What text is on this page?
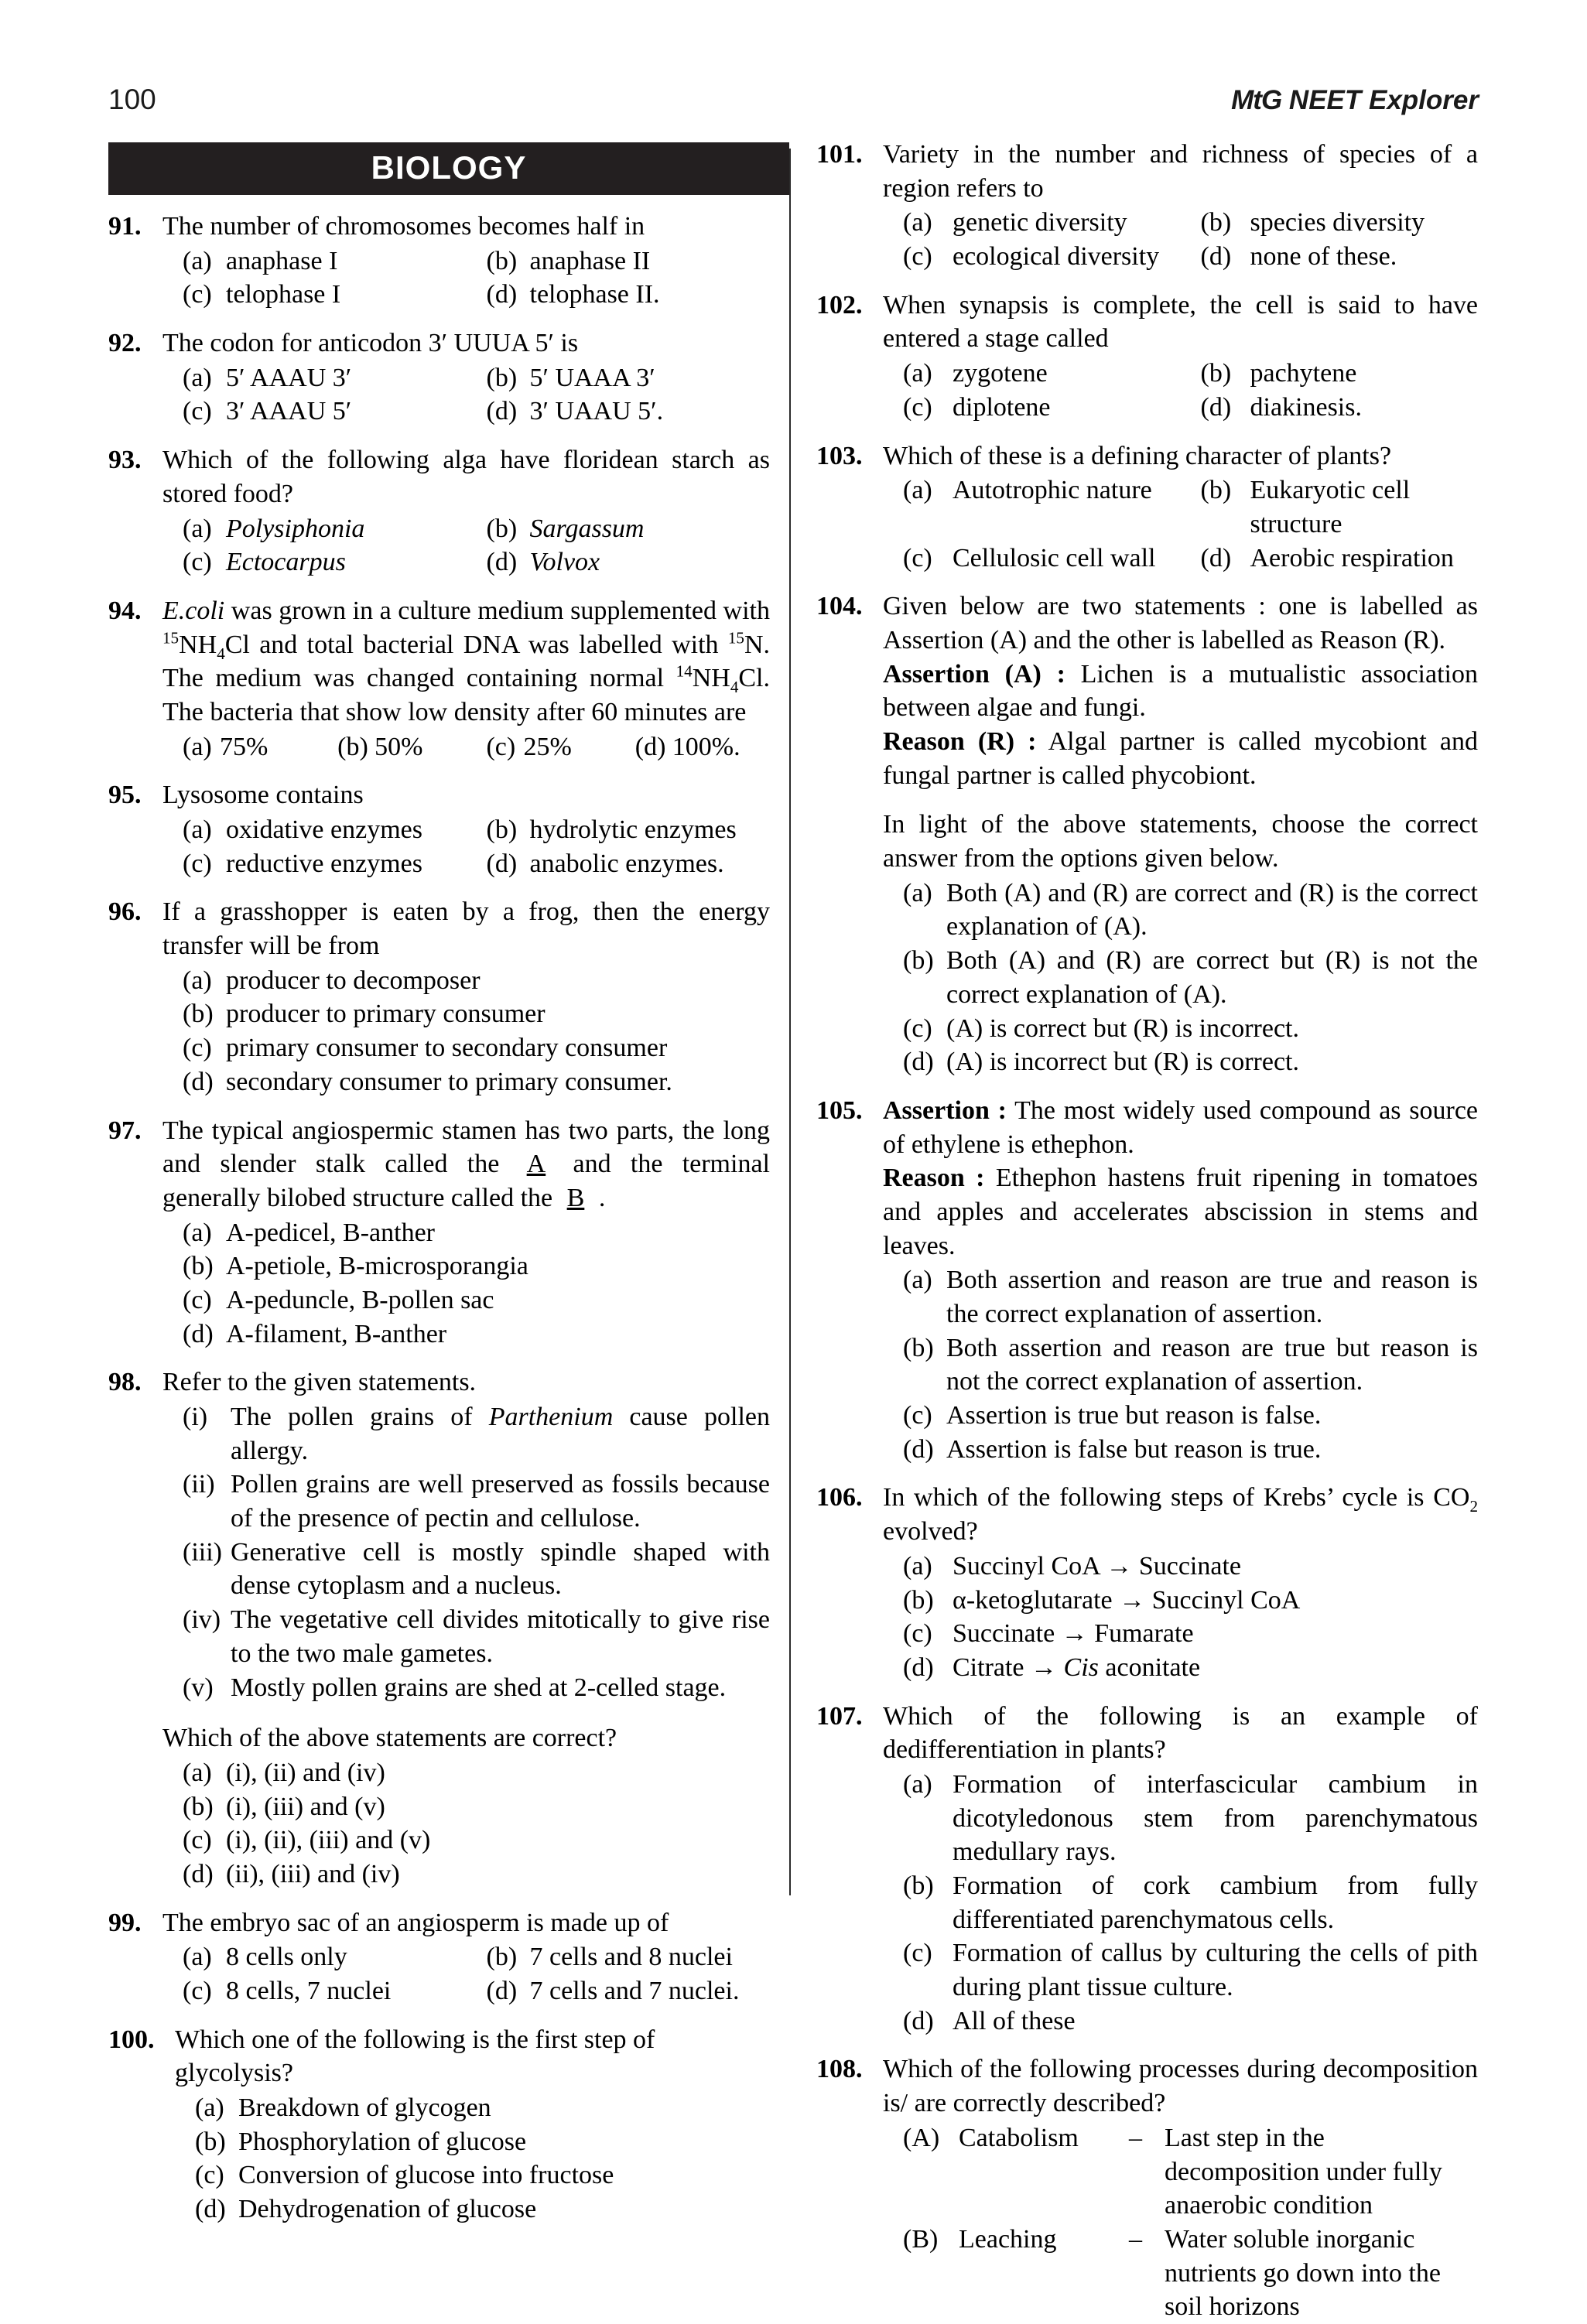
100	MtG NEET Explorer
BIOLOGY
91. The number of chromosomes becomes half in
(a) anaphase I	(b) anaphase II
(c) telophase I	(d) telophase II.
92. The codon for anticodon 3′ UUUA 5′ is
(a) 5′ AAAU 3′	(b) 5′ UAAA 3′
(c) 3′ AAAU 5′	(d) 3′ UAAU 5′.
93. Which of the following alga have floridean starch as stored food?
(a) Polysiphonia	(b) Sargassum
(c) Ectocarpus	(d) Volvox
94. E.coli was grown in a culture medium supplemented with $^{15}NH_4Cl$ and total bacterial DNA was labelled with $^{15}$N. The medium was changed containing normal $^{14}NH_4Cl$. The bacteria that show low density after 60 minutes are
(a) 75%	(b) 50%	(c) 25%	(d) 100%.
95. Lysosome contains
(a) oxidative enzymes	(b) hydrolytic enzymes
(c) reductive enzymes	(d) anabolic enzymes.
96. If a grasshopper is eaten by a frog, then the energy transfer will be from
(a) producer to decomposer
(b) producer to primary consumer
(c) primary consumer to secondary consumer
(d) secondary consumer to primary consumer.
97. The typical angiospermic stamen has two parts, the long and slender stalk called the A and the terminal generally bilobed structure called the B .
(a) A-pedicel, B-anther
(b) A-petiole, B-microsporangia
(c) A-peduncle, B-pollen sac
(d) A-filament, B-anther
98. Refer to the given statements.
(i) The pollen grains of Parthenium cause pollen allergy.
(ii) Pollen grains are well preserved as fossils because of the presence of pectin and cellulose.
(iii) Generative cell is mostly spindle shaped with dense cytoplasm and a nucleus.
(iv) The vegetative cell divides mitotically to give rise to the two male gametes.
(v) Mostly pollen grains are shed at 2-celled stage.
Which of the above statements are correct?
(a) (i), (ii) and (iv)
(b) (i), (iii) and (v)
(c) (i), (ii), (iii) and (v)
(d) (ii), (iii) and (iv)
99. The embryo sac of an angiosperm is made up of
(a) 8 cells only	(b) 7 cells and 8 nuclei
(c) 8 cells, 7 nuclei	(d) 7 cells and 7 nuclei.
100. Which one of the following is the first step of glycolysis?
(a) Breakdown of glycogen
(b) Phosphorylation of glucose
(c) Conversion of glucose into fructose
(d) Dehydrogenation of glucose
101. Variety in the number and richness of species of a region refers to
(a) genetic diversity	(b) species diversity
(c) ecological diversity	(d) none of these.
102. When synapsis is complete, the cell is said to have entered a stage called
(a) zygotene	(b) pachytene
(c) diplotene	(d) diakinesis.
103. Which of these is a defining character of plants?
(a) Autotrophic nature	(b) Eukaryotic cell structure
(c) Cellulosic cell wall	(d) Aerobic respiration
104. Given below are two statements : one is labelled as Assertion (A) and the other is labelled as Reason (R).
Assertion (A) : Lichen is a mutualistic association between algae and fungi.
Reason (R) : Algal partner is called mycobiont and fungal partner is called phycobiont.
In light of the above statements, choose the correct answer from the options given below.
(a) Both (A) and (R) are correct and (R) is the correct explanation of (A).
(b) Both (A) and (R) are correct but (R) is not the correct explanation of (A).
(c) (A) is correct but (R) is incorrect.
(d) (A) is incorrect but (R) is correct.
105. Assertion : The most widely used compound as source of ethylene is ethephon.
Reason : Ethephon hastens fruit ripening in tomatoes and apples and accelerates abscission in stems and leaves.
(a) Both assertion and reason are true and reason is the correct explanation of assertion.
(b) Both assertion and reason are true but reason is not the correct explanation of assertion.
(c) Assertion is true but reason is false.
(d) Assertion is false but reason is true.
106. In which of the following steps of Krebs’ cycle is $CO_2$ evolved?
(a) Succinyl CoA → Succinate
(b) α-ketoglutarate → Succinyl CoA
(c) Succinate → Fumarate
(d) Citrate → Cis aconitate
107. Which of the following is an example of dedifferentiation in plants?
(a) Formation of interfascicular cambium in dicotyledonous stem from parenchymatous medullary rays.
(b) Formation of cork cambium from fully differentiated parenchymatous cells.
(c) Formation of callus by culturing the cells of pith during plant tissue culture.
(d) All of these
108. Which of the following processes during decomposition is/ are correctly described?
(A) Catabolism	– Last step in the decomposition under fully anaerobic condition
(B) Leaching	– Water soluble inorganic nutrients go down into the soil horizons
